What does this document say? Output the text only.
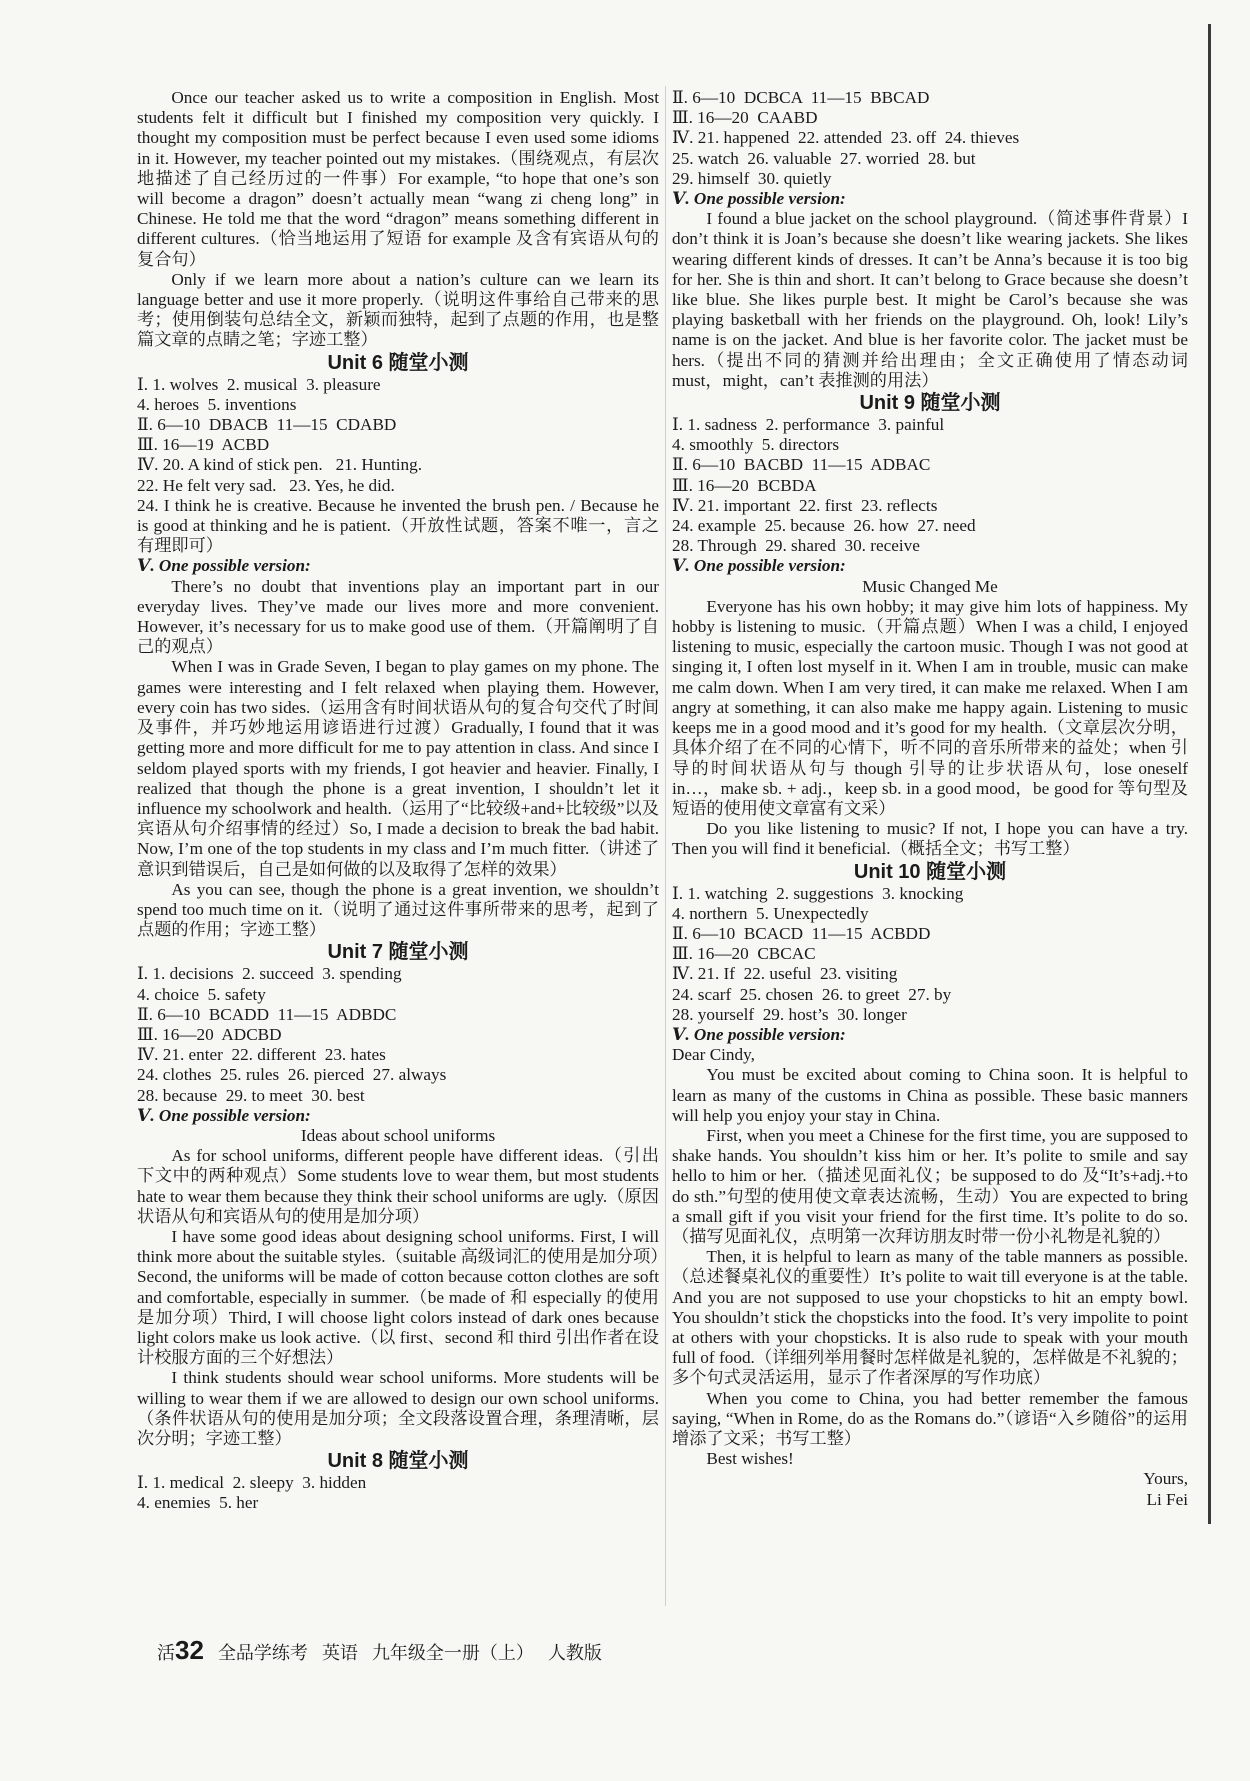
Once our teacher asked us to write a composition in English. Most students felt it difficult but I finished my composition very quickly. I thought my composition must be perfect because I even used some idioms in it. However, my teacher pointed out my mistakes.（围绕观点，有层次地描述了自己经历过的一件事）For example, “to hope that one’s son will become a dragon” doesn’t actually mean “wang zi cheng long” in Chinese. He told me that the word “dragon” means something different in different cultures.（恰当地运用了短语 for example 及含有宾语从句的复合句）

Only if we learn more about a nation’s culture can we learn its language better and use it more properly.（说明这件事给自己带来的思考；使用倒装句总结全文，新颖而独特，起到了点题的作用，也是整篇文章的点睛之笔；字迹工整）

Unit 6 随堂小测
Ⅰ. 1. wolves  2. musical  3. pleasure
4. heroes  5. inventions
Ⅱ. 6—10  DBACB  11—15  CDABD
Ⅲ. 16—19  ACBD
Ⅳ. 20. A kind of stick pen.   21. Hunting.
22. He felt very sad.   23. Yes, he did.

24. I think he is creative. Because he invented the brush pen. / Because he is good at thinking and he is patient.（开放性试题，答案不唯一，言之有理即可）

Ⅴ. One possible version:

There’s no doubt that inventions play an important part in our everyday lives. They’ve made our lives more and more convenient. However, it’s necessary for us to make good use of them.（开篇阐明了自己的观点）

When I was in Grade Seven, I began to play games on my phone. The games were interesting and I felt relaxed when playing them. However, every coin has two sides.（运用含有时间状语从句的复合句交代了时间及事件，并巧妙地运用谚语进行过渡）Gradually, I found that it was getting more and more difficult for me to pay attention in class. And since I seldom played sports with my friends, I got heavier and heavier. Finally, I realized that though the phone is a great invention, I shouldn’t let it influence my schoolwork and health.（运用了“比较级+and+比较级”以及宾语从句介绍事情的经过）So, I made a decision to break the bad habit. Now, I’m one of the top students in my class and I’m much fitter.（讲述了意识到错误后，自己是如何做的以及取得了怎样的效果）

As you can see, though the phone is a great invention, we shouldn’t spend too much time on it.（说明了通过这件事所带来的思考，起到了点题的作用；字迹工整）

Unit 7 随堂小测
Ⅰ. 1. decisions  2. succeed  3. spending
4. choice  5. safety
Ⅱ. 6—10  BCADD  11—15  ADBDC
Ⅲ. 16—20  ADCBD
Ⅳ. 21. enter  22. different  23. hates
24. clothes  25. rules  26. pierced  27. always
28. because  29. to meet  30. best
Ⅴ. One possible version:
Ideas about school uniforms

As for school uniforms, different people have different ideas.（引出下文中的两种观点）Some students love to wear them, but most students hate to wear them because they think their school uniforms are ugly.（原因状语从句和宾语从句的使用是加分项）

I have some good ideas about designing school uniforms. First, I will think more about the suitable styles.（suitable 高级词汇的使用是加分项）Second, the uniforms will be made of cotton because cotton clothes are soft and comfortable, especially in summer.（be made of 和 especially 的使用是加分项）Third, I will choose light colors instead of dark ones because light colors make us look active.（以 first、second 和 third 引出作者在设计校服方面的三个好想法）

I think students should wear school uniforms. More students will be willing to wear them if we are allowed to design our own school uniforms.（条件状语从句的使用是加分项；全文段落设置合理，条理清晰，层次分明；字迹工整）

Unit 8 随堂小测
Ⅰ. 1. medical  2. sleepy  3. hidden
4. enemies  5. her
Ⅱ. 6—10  DCBCA  11—15  BBCAD
Ⅲ. 16—20  CAABD
Ⅳ. 21. happened  22. attended  23. off  24. thieves
25. watch  26. valuable  27. worried  28. but
29. himself  30. quietly
Ⅴ. One possible version:

I found a blue jacket on the school playground.（简述事件背景）I don’t think it is Joan’s because she doesn’t like wearing jackets. She likes wearing different kinds of dresses. It can’t be Anna’s because it is too big for her. She is thin and short. It can’t belong to Grace because she doesn’t like blue. She likes purple best. It might be Carol’s because she was playing basketball with her friends on the playground. Oh, look! Lily’s name is on the jacket. And blue is her favorite color. The jacket must be hers.（提出不同的猜测并给出理由；全文正确使用了情态动词 must，might，can’t 表推测的用法）

Unit 9 随堂小测
Ⅰ. 1. sadness  2. performance  3. painful
4. smoothly  5. directors
Ⅱ. 6—10  BACBD  11—15  ADBAC
Ⅲ. 16—20  BCBDA
Ⅳ. 21. important  22. first  23. reflects
24. example  25. because  26. how  27. need
28. Through  29. shared  30. receive
Ⅴ. One possible version:
Music Changed Me

Everyone has his own hobby; it may give him lots of happiness. My hobby is listening to music.（开篇点题）When I was a child, I enjoyed listening to music, especially the cartoon music. Though I was not good at singing it, I often lost myself in it. When I am in trouble, music can make me calm down. When I am very tired, it can make me relaxed. When I am angry at something, it can also make me happy again. Listening to music keeps me in a good mood and it’s good for my health.（文章层次分明，具体介绍了在不同的心情下，听不同的音乐所带来的益处；when 引导的时间状语从句与 though 引导的让步状语从句，lose oneself in…，make sb. + adj.，keep sb. in a good mood，be good for 等句型及短语的使用使文章富有文采）

Do you like listening to music? If not, I hope you can have a try. Then you will find it beneficial.（概括全文；书写工整）

Unit 10 随堂小测
Ⅰ. 1. watching  2. suggestions  3. knocking
4. northern  5. Unexpectedly
Ⅱ. 6—10  BCACD  11—15  ACBDD
Ⅲ. 16—20  CBCAC
Ⅳ. 21. If  22. useful  23. visiting
24. scarf  25. chosen  26. to greet  27. by
28. yourself  29. host’s  30. longer
Ⅴ. One possible version:
Dear Cindy,

You must be excited about coming to China soon. It is helpful to learn as many of the customs in China as possible. These basic manners will help you enjoy your stay in China.

First, when you meet a Chinese for the first time, you are supposed to shake hands. You shouldn’t kiss him or her. It’s polite to smile and say hello to him or her.（描述见面礼仪；be supposed to do 及“It’s+adj.+to do sth.”句型的使用使文章表达流畅，生动）You are expected to bring a small gift if you visit your friend for the first time. It’s polite to do so.（描写见面礼仪，点明第一次拜访朋友时带一份小礼物是礼貌的）

Then, it is helpful to learn as many of the table manners as possible.（总述餐桌礼仪的重要性）It’s polite to wait till everyone is at the table. And you are not supposed to use your chopsticks to hit an empty bowl. You shouldn’t stick the chopsticks into the food. It’s very impolite to point at others with your chopsticks. It is also rude to speak with your mouth full of food.（详细列举用餐时怎样做是礼貌的，怎样做是不礼貌的；多个句式灵活运用，显示了作者深厚的写作功底）

When you come to China, you had better remember the famous saying, “When in Rome, do as the Romans do.”（谚语“入乡随俗”的运用增添了文采；书写工整）

Best wishes!

Yours,
Li Fei

活32 全品学练考 英语 九年级全一册（上） 人教版
